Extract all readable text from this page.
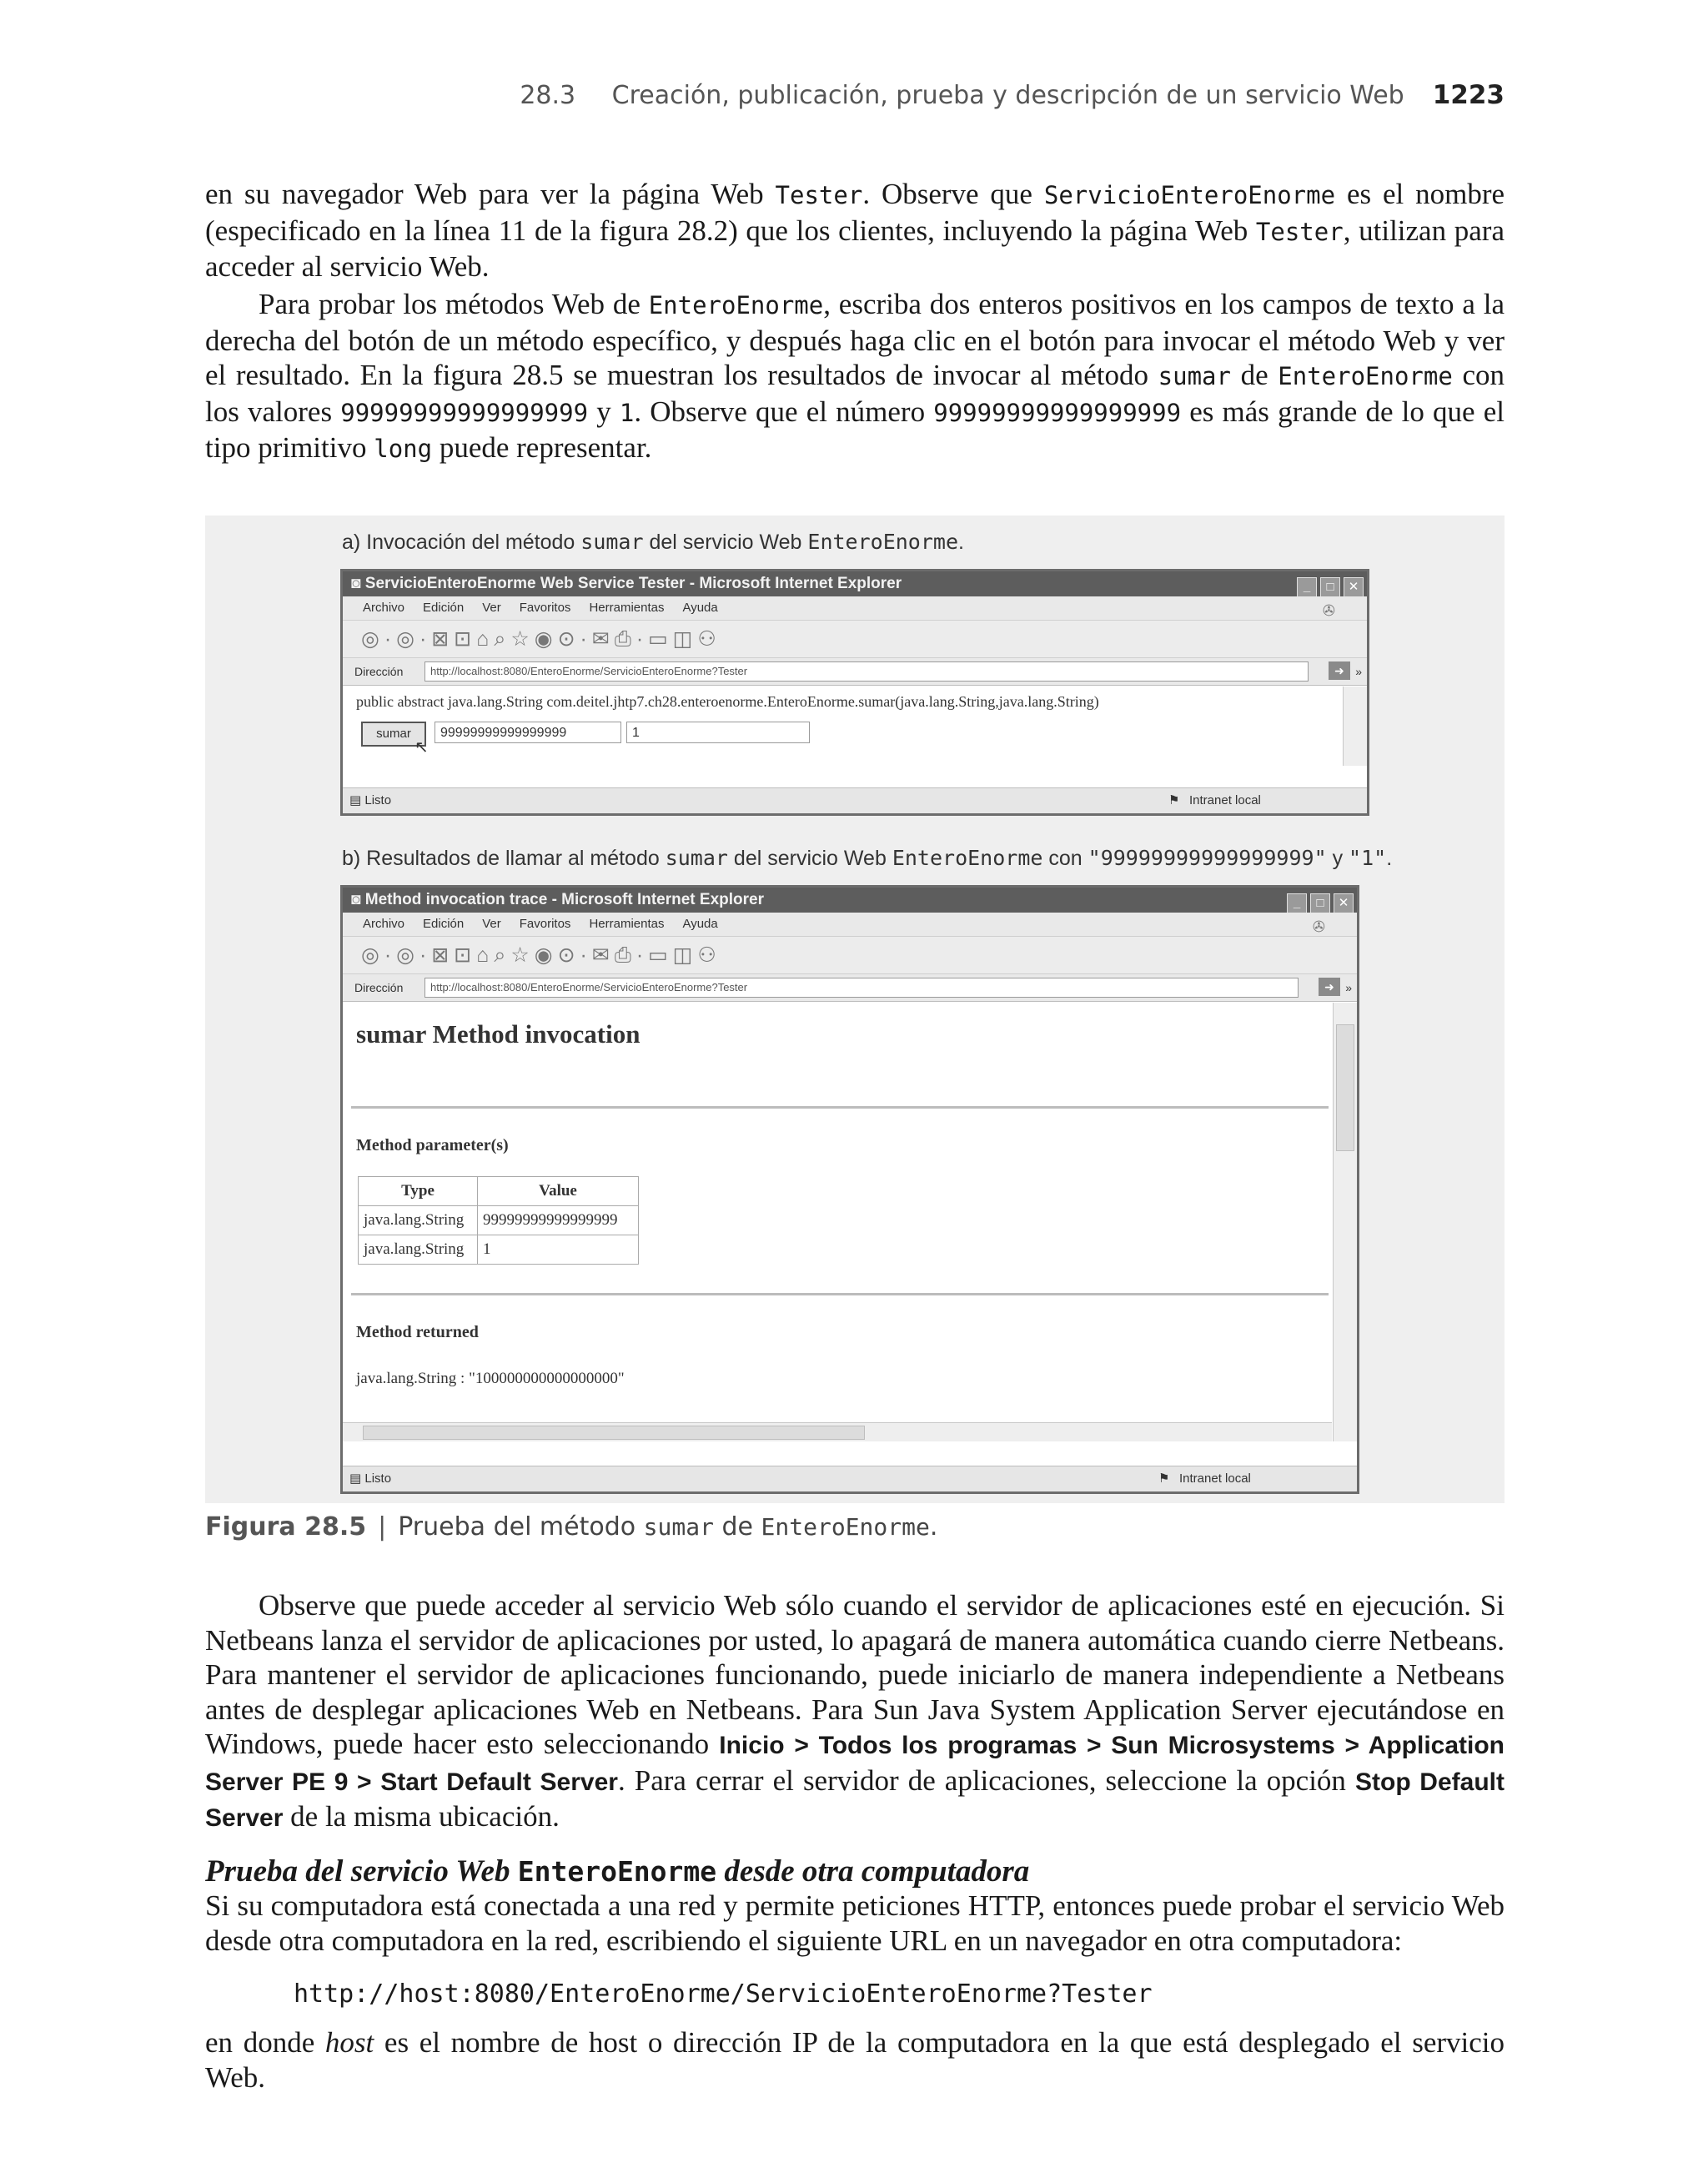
28.3 Creación, publicación, prueba y descripción de un servicio Web 1223
en su navegador Web para ver la página Web Tester. Observe que ServicioEnteroEnorme es el nombre (especificado en la línea 11 de la figura 28.2) que los clientes, incluyendo la página Web Tester, utilizan para acceder al servicio Web.
Para probar los métodos Web de EnteroEnorme, escriba dos enteros positivos en los campos de texto a la derecha del botón de un método específico, y después haga clic en el botón para invocar el método Web y ver el resultado. En la figura 28.5 se muestran los resultados de invocar al método sumar de EnteroEnorme con los valores 99999999999999999 y 1. Observe que el número 99999999999999999 es más grande de lo que el tipo primitivo long puede representar.
a) Invocación del método sumar del servicio Web EnteroEnorme.
◙ ServicioEnteroEnorme Web Service Tester - Microsoft Internet Explorer	_ □ ✕
Archivo Edición Ver Favoritos Herramientas Ayuda	✇
◎·◎·⊠⊡⌂⌕☆◉⊙·✉⎙·▭◫⚇
Dirección	http://localhost:8080/EnteroEnorme/ServicioEnteroEnorme?Tester	➜ »
public abstract java.lang.String com.deitel.jhtp7.ch28.enteroenorme.EnteroEnorme.sumar(java.lang.String,java.lang.String)
sumar	99999999999999999	1
↖
▤ Listo	⚑ Intranet local
b) Resultados de llamar al método sumar del servicio Web EnteroEnorme con "99999999999999999" y "1".
◙ Method invocation trace - Microsoft Internet Explorer	_ □ ✕
Archivo Edición Ver Favoritos Herramientas Ayuda	✇
◎·◎·⊠⊡⌂⌕☆◉⊙·✉⎙·▭◫⚇
Dirección	http://localhost:8080/EnteroEnorme/ServicioEnteroEnorme?Tester	➜ »
sumar Method invocation
Method parameter(s)
Type	Value
java.lang.String	99999999999999999
java.lang.String	1
Method returned
java.lang.String : "100000000000000000"
▤ Listo	⚑ Intranet local
Figura 28.5 | Prueba del método sumar de EnteroEnorme.
Observe que puede acceder al servicio Web sólo cuando el servidor de aplicaciones esté en ejecución. Si Netbeans lanza el servidor de aplicaciones por usted, lo apagará de manera automática cuando cierre Netbeans. Para mantener el servidor de aplicaciones funcionando, puede iniciarlo de manera independiente a Netbeans antes de desplegar aplicaciones Web en Netbeans. Para Sun Java System Application Server ejecutándose en Windows, puede hacer esto seleccionando Inicio > Todos los programas > Sun Microsystems > Application Server PE 9 > Start Default Server. Para cerrar el servidor de aplicaciones, seleccione la opción Stop Default Server de la misma ubicación.
Prueba del servicio Web EnteroEnorme desde otra computadora
Si su computadora está conectada a una red y permite peticiones HTTP, entonces puede probar el servicio Web desde otra computadora en la red, escribiendo el siguiente URL en un navegador en otra computadora:
http://host:8080/EnteroEnorme/ServicioEnteroEnorme?Tester
en donde host es el nombre de host o dirección IP de la computadora en la que está desplegado el servicio Web.
